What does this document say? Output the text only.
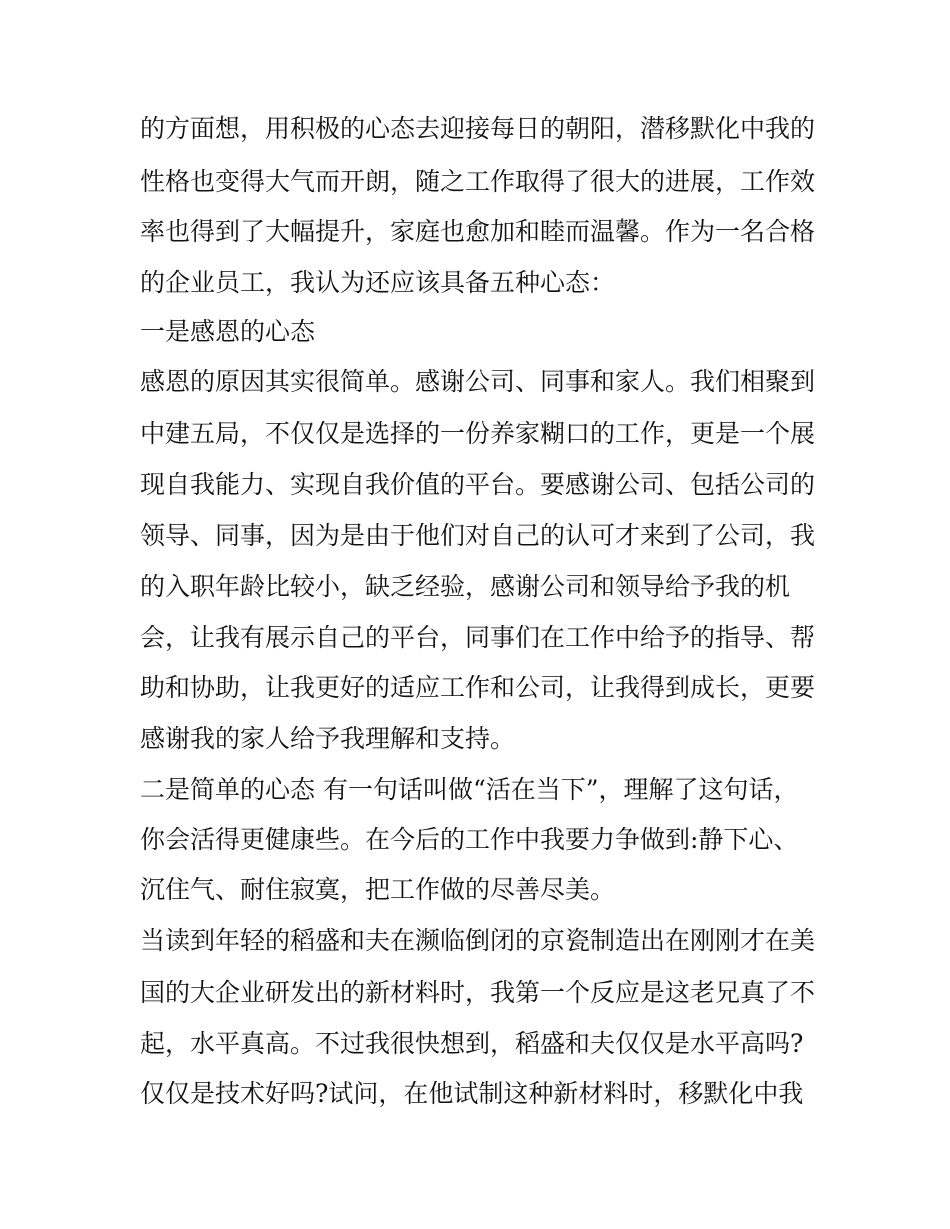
的方面想，用积极的心态去迎接每日的朝阳，潜移默化中我的

性格也变得大气而开朗，随之工作取得了很大的进展，工作效

率也得到了大幅提升，家庭也愈加和睦而温馨。作为一名合格

的企业员工，我认为还应该具备五种心态：

一是感恩的心态

感恩的原因其实很简单。感谢公司、同事和家人。我们相聚到

中建五局，不仅仅是选择的一份养家糊口的工作，更是一个展

现自我能力、实现自我价值的平台。要感谢公司、包括公司的

领导、同事，因为是由于他们对自己的认可才来到了公司，我

的入职年龄比较小，缺乏经验，感谢公司和领导给予我的机

会，让我有展示自己的平台，同事们在工作中给予的指导、帮

助和协助，让我更好的适应工作和公司，让我得到成长，更要

感谢我的家人给予我理解和支持。

二是简单的心态 有一句话叫做“活在当下”，理解了这句话，

你会活得更健康些。在今后的工作中我要力争做到:静下心、

沉住气、耐住寂寞，把工作做的尽善尽美。

当读到年轻的稻盛和夫在濒临倒闭的京瓷制造出在刚刚才在美

国的大企业研发出的新材料时，我第一个反应是这老兄真了不

起，水平真高。不过我很快想到，稻盛和夫仅仅是水平高吗?

仅仅是技术好吗?试问，在他试制这种新材料时，移默化中我
